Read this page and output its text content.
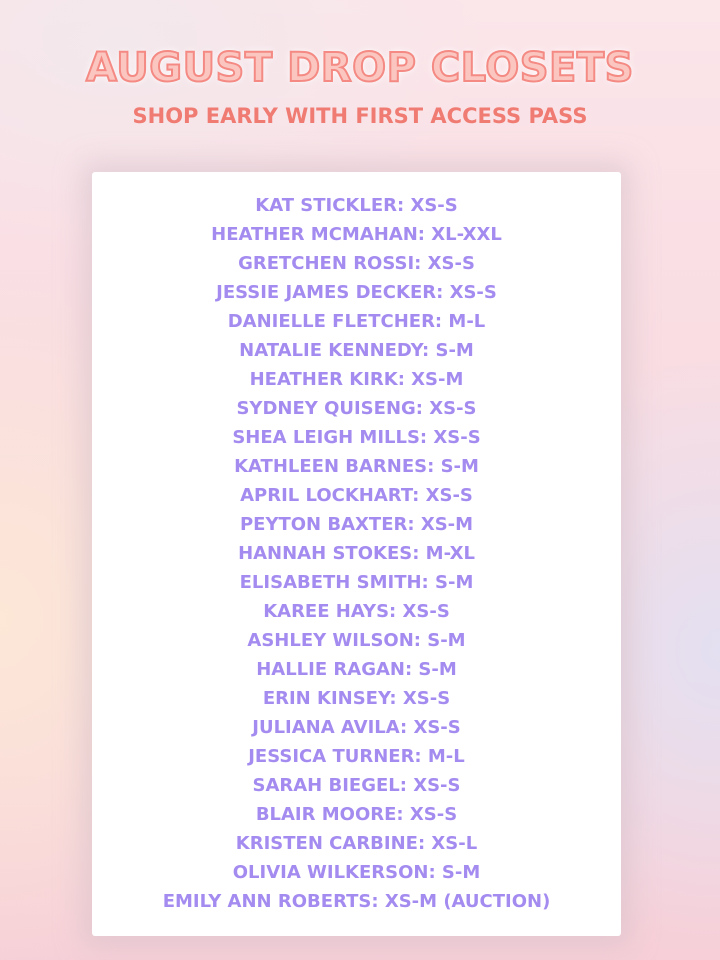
AUGUST DROP CLOSETS
SHOP EARLY WITH FIRST ACCESS PASS
KAT STICKLER: XS-S
HEATHER MCMAHAN: XL-XXL
GRETCHEN ROSSI: XS-S
JESSIE JAMES DECKER: XS-S
DANIELLE FLETCHER: M-L
NATALIE KENNEDY: S-M
HEATHER KIRK: XS-M
SYDNEY QUISENG: XS-S
SHEA LEIGH MILLS: XS-S
KATHLEEN BARNES: S-M
APRIL LOCKHART: XS-S
PEYTON BAXTER: XS-M
HANNAH STOKES: M-XL
ELISABETH SMITH: S-M
KAREE HAYS: XS-S
ASHLEY WILSON: S-M
HALLIE RAGAN: S-M
ERIN KINSEY: XS-S
JULIANA AVILA: XS-S
JESSICA TURNER: M-L
SARAH BIEGEL: XS-S
BLAIR MOORE: XS-S
KRISTEN CARBINE: XS-L
OLIVIA WILKERSON: S-M
EMILY ANN ROBERTS: XS-M (AUCTION)
